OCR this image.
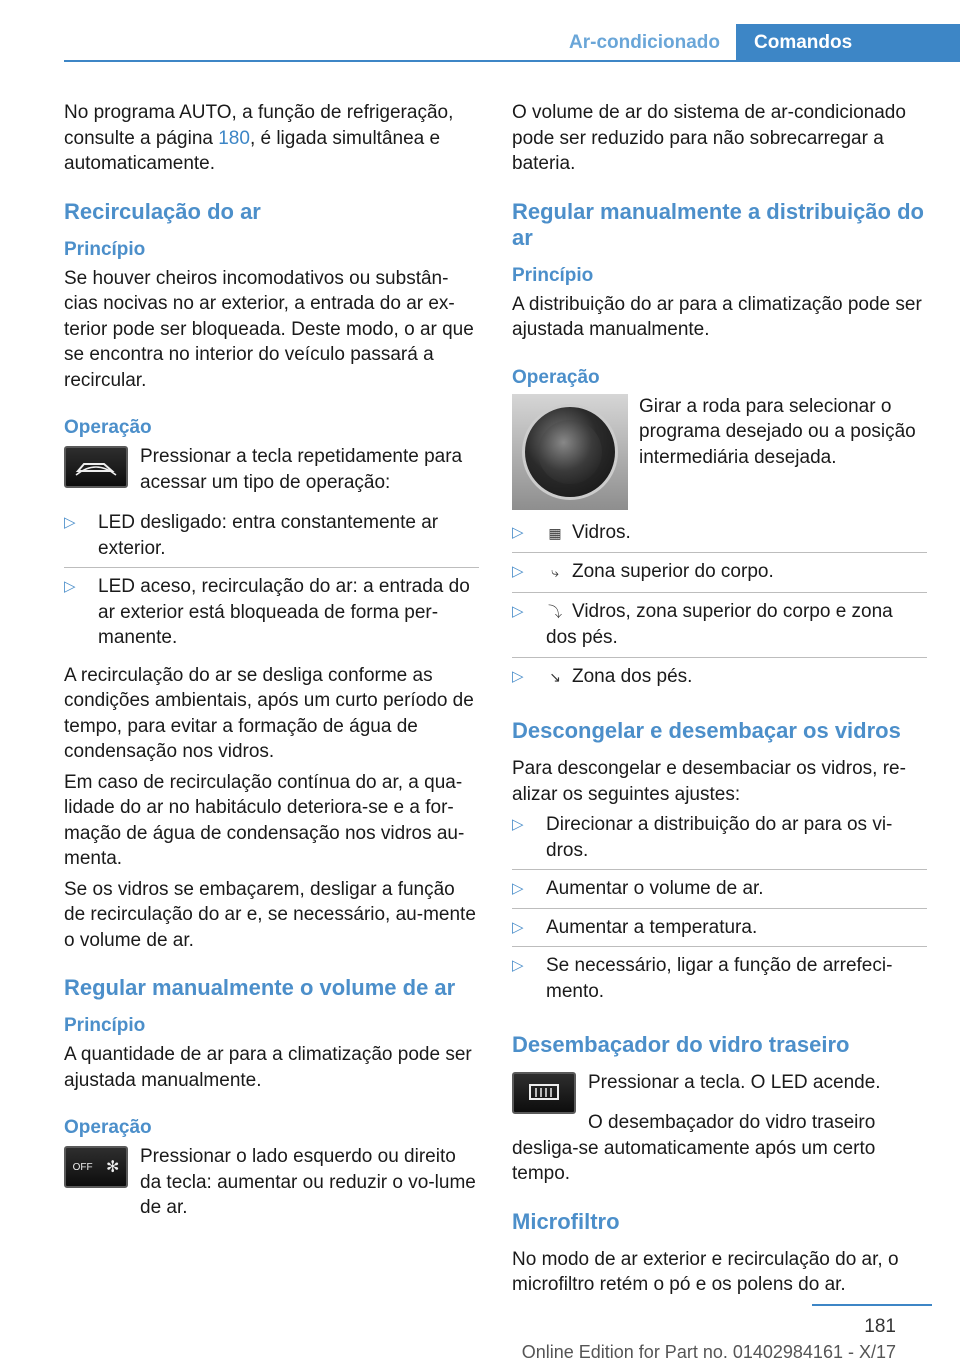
Ar-condicionado	Comandos

No programa AUTO, a função de refrigeração, consulte a página 180, é ligada simultânea e automaticamente.

Recirculação do ar
Princípio

Se houver cheiros incomodativos ou substân-cias nocivas no ar exterior, a entrada do ar ex-terior pode ser bloqueada. Deste modo, o ar que se encontra no interior do veículo passará a recircular.

Operação

Pressionar a tecla repetidamente para acessar um tipo de operação:

▷ LED desligado: entra constantemente ar exterior.
▷ LED aceso, recirculação do ar: a entrada do ar exterior está bloqueada de forma per-manente.

A recirculação do ar se desliga conforme as condições ambientais, após um curto período de tempo, para evitar a formação de água de condensação nos vidros.

Em caso de recirculação contínua do ar, a qua-lidade do ar no habitáculo deteriora-se e a for-mação de água de condensação nos vidros au-menta.

Se os vidros se embaçarem, desligar a função de recirculação do ar e, se necessário, au-mente o volume de ar.

Regular manualmente o volume de ar
Princípio

A quantidade de ar para a climatização pode ser ajustada manualmente.

Operação
OFF ✻

Pressionar o lado esquerdo ou direito da tecla: aumentar ou reduzir o vo-lume de ar.

O volume de ar do sistema de ar-condicionado pode ser reduzido para não sobrecarregar a bateria.

Regular manualmente a distribuição do ar
Princípio

A distribuição do ar para a climatização pode ser ajustada manualmente.

Operação

Girar a roda para selecionar o programa desejado ou a posição intermediária desejada.

▷ ▦ Vidros.
▷ ⤷ Zona superior do corpo.
▷ ⤵ Vidros, zona superior do corpo e zona dos pés.
▷ ↘ Zona dos pés.
Descongelar e desembaçar os vidros

Para descongelar e desembaciar os vidros, re-alizar os seguintes ajustes:

▷ Direcionar a distribuição do ar para os vi-dros.
▷ Aumentar o volume de ar.
▷ Aumentar a temperatura.
▷ Se necessário, ligar a função de arrefeci-mento.
Desembaçador do vidro traseiro

Pressionar a tecla. O LED acende.

O desembaçador do vidro traseiro desliga-se automaticamente após um certo tempo.

Microfiltro

No modo de ar exterior e recirculação do ar, o microfiltro retém o pó e os polens do ar.

181
Online Edition for Part no. 01402984161 - X/17
